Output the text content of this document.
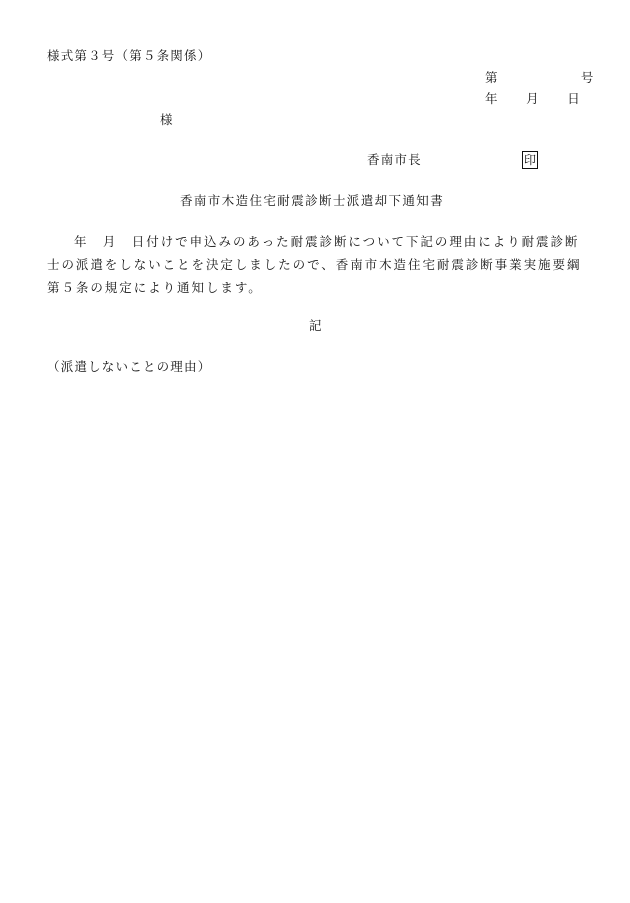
様式第３号（第５条関係）
第　　　　　　号
年　　月　　日
様
香南市長	印
香南市木造住宅耐震診断士派遣却下通知書
年　月　日付けで申込みのあった耐震診断について下記の理由により耐震診断
士の派遣をしないことを決定しましたので、香南市木造住宅耐震診断事業実施要綱
第５条の規定により通知します。
記
（派遣しないことの理由）
